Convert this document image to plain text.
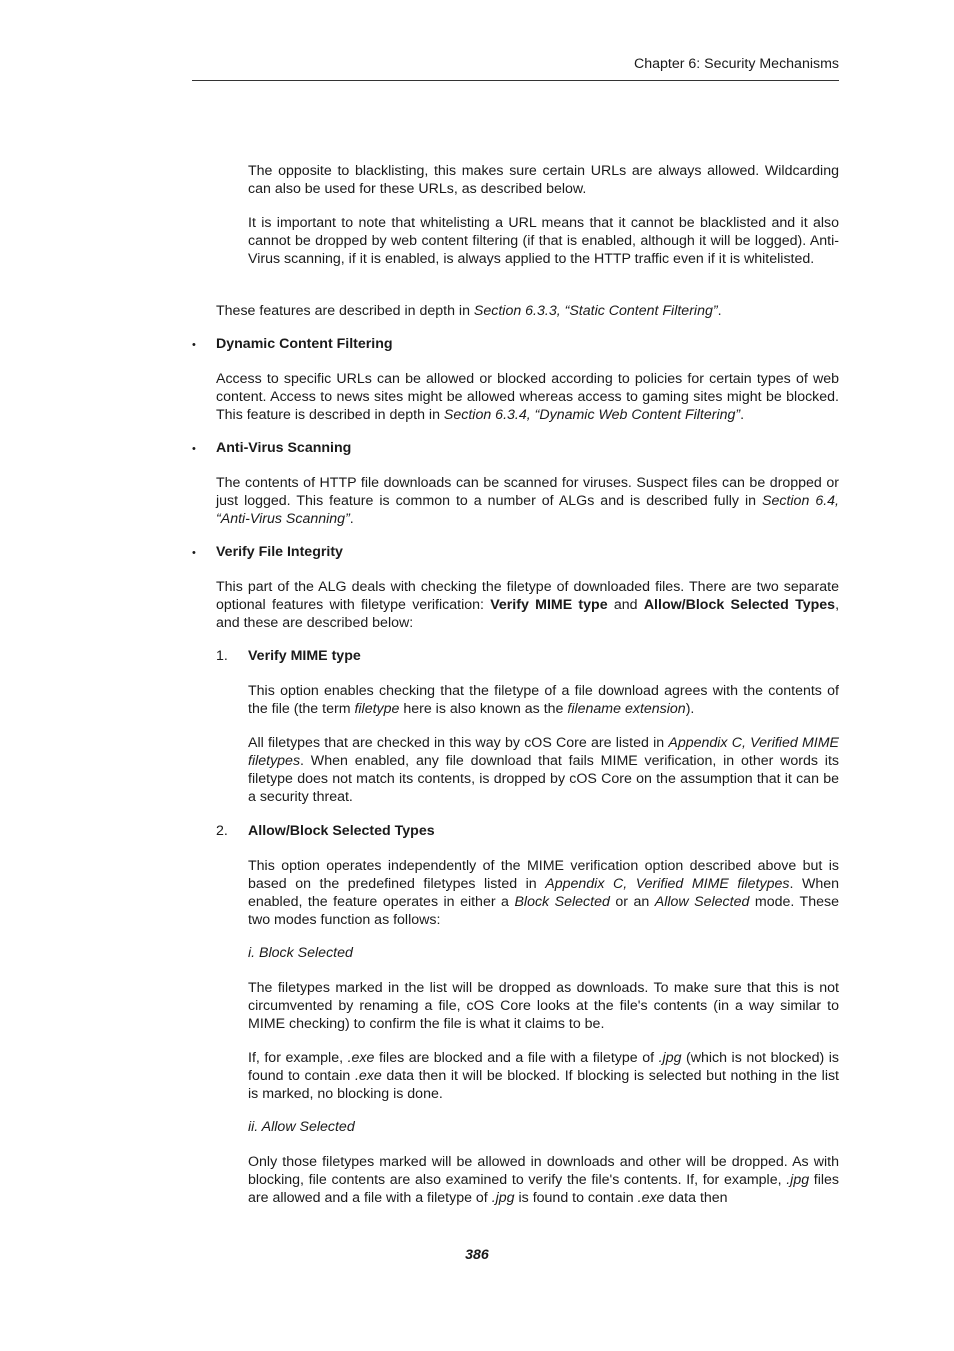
Chapter 6: Security Mechanisms

The opposite to blacklisting, this makes sure certain URLs are always allowed. Wildcarding can also be used for these URLs, as described below.

It is important to note that whitelisting a URL means that it cannot be blacklisted and it also cannot be dropped by web content filtering (if that is enabled, although it will be logged). Anti-Virus scanning, if it is enabled, is always applied to the HTTP traffic even if it is whitelisted.

These features are described in depth in Section 6.3.3, “Static Content Filtering”.

• Dynamic Content Filtering

Access to specific URLs can be allowed or blocked according to policies for certain types of web content. Access to news sites might be allowed whereas access to gaming sites might be blocked. This feature is described in depth in Section 6.3.4, “Dynamic Web Content Filtering”.

• Anti-Virus Scanning

The contents of HTTP file downloads can be scanned for viruses. Suspect files can be dropped or just logged. This feature is common to a number of ALGs and is described fully in Section 6.4, “Anti-Virus Scanning”.

• Verify File Integrity

This part of the ALG deals with checking the filetype of downloaded files. There are two separate optional features with filetype verification: Verify MIME type and Allow/Block Selected Types, and these are described below:

1. Verify MIME type

This option enables checking that the filetype of a file download agrees with the contents of the file (the term filetype here is also known as the filename extension).

All filetypes that are checked in this way by cOS Core are listed in Appendix C, Verified MIME filetypes. When enabled, any file download that fails MIME verification, in other words its filetype does not match its contents, is dropped by cOS Core on the assumption that it can be a security threat.

2. Allow/Block Selected Types

This option operates independently of the MIME verification option described above but is based on the predefined filetypes listed in Appendix C, Verified MIME filetypes. When enabled, the feature operates in either a Block Selected or an Allow Selected mode. These two modes function as follows:

i. Block Selected

The filetypes marked in the list will be dropped as downloads. To make sure that this is not circumvented by renaming a file, cOS Core looks at the file's contents (in a way similar to MIME checking) to confirm the file is what it claims to be.

If, for example, .exe files are blocked and a file with a filetype of .jpg (which is not blocked) is found to contain .exe data then it will be blocked. If blocking is selected but nothing in the list is marked, no blocking is done.

ii. Allow Selected

Only those filetypes marked will be allowed in downloads and other will be dropped. As with blocking, file contents are also examined to verify the file's contents. If, for example, .jpg files are allowed and a file with a filetype of .jpg is found to contain .exe data then

386
